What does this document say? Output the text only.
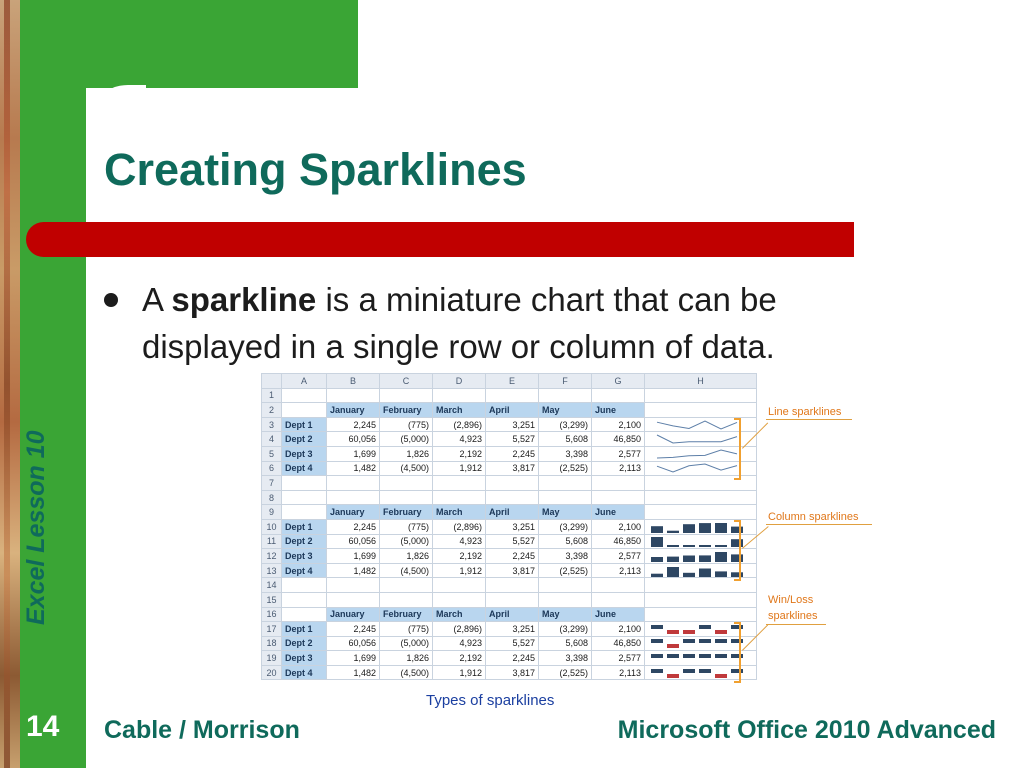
Creating Sparklines
A sparkline is a miniature chart that can be displayed in a single row or column of data.
	A	B	C	D	E	F	G	H
1								
2		January	February	March	April	May	June	
3	Dept 1	2,245	(775)	(2,896)	3,251	(3,299)	2,100	

4	Dept 2	60,056	(5,000)	4,923	5,527	5,608	46,850	

5	Dept 3	1,699	1,826	2,192	2,245	3,398	2,577	

6	Dept 4	1,482	(4,500)	1,912	3,817	(2,525)	2,113	

7								
8								
9		January	February	March	April	May	June	
10	Dept 1	2,245	(775)	(2,896)	3,251	(3,299)	2,100	

11	Dept 2	60,056	(5,000)	4,923	5,527	5,608	46,850	

12	Dept 3	1,699	1,826	2,192	2,245	3,398	2,577	

13	Dept 4	1,482	(4,500)	1,912	3,817	(2,525)	2,113	

14								
15								
16		January	February	March	April	May	June	
17	Dept 1	2,245	(775)	(2,896)	3,251	(3,299)	2,100	

18	Dept 2	60,056	(5,000)	4,923	5,527	5,608	46,850	

19	Dept 3	1,699	1,826	2,192	2,245	3,398	2,577	

20	Dept 4	1,482	(4,500)	1,912	3,817	(2,525)	2,113	
Line sparklines
Column sparklines
Win/Loss
sparklines
Types of sparklines
Excel Lesson 10
14 Cable / Morrison	Microsoft Office 2010 Advanced
